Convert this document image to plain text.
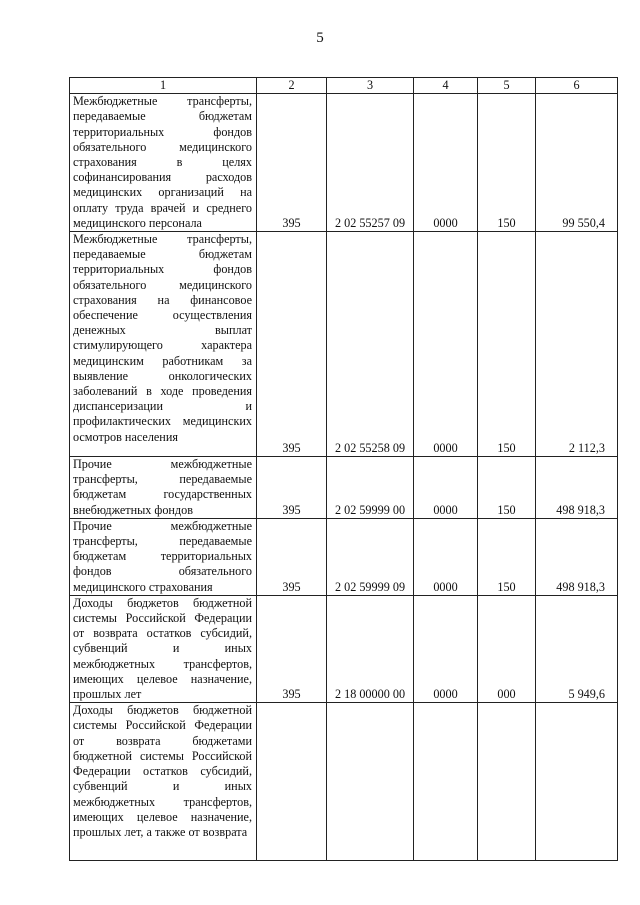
5
1	2	3	4	5	6
Межбюджетные трансферты, передаваемые бюджетам территориальных фондов обязательного медицинского страхования в целях софинансирования расходов медицинских организаций на оплату труда врачей и среднего медицинского персонала	395	2 02 55257 09	0000	150	99 550,4
Межбюджетные трансферты, передаваемые бюджетам территориальных фондов обязательного медицинского страхования на финансовое обеспечение осуществления денежных выплат стимулирующего характера медицинским работникам за выявление онкологических заболеваний в ходе проведения диспансеризации и профилактических медицинских осмотров населения	395	2 02 55258 09	0000	150	2 112,3
Прочие межбюджетные трансферты, передаваемые бюджетам государственных внебюджетных фондов	395	2 02 59999 00	0000	150	498 918,3
Прочие межбюджетные трансферты, передаваемые бюджетам территориальных фондов обязательного медицинского страхования	395	2 02 59999 09	0000	150	498 918,3
Доходы бюджетов бюджетной системы Российской Федерации от возврата остатков субсидий, субвенций и иных межбюджетных трансфертов, имеющих целевое назначение, прошлых лет	395	2 18 00000 00	0000	000	5 949,6
Доходы бюджетов бюджетной системы Российской Федерации от возврата бюджетами бюджетной системы Российской Федерации остатков субсидий, субвенций и иных межбюджетных трансфертов, имеющих целевое назначение, прошлых лет, а также от возврата					
